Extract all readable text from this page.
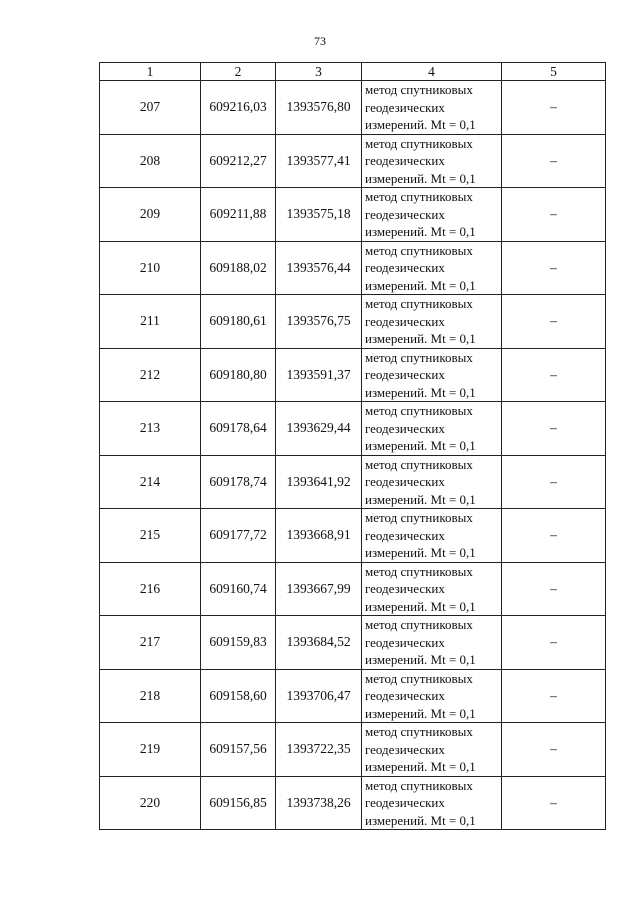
73
1	2	3	4	5
207	609216,03	1393576,80	метод спутниковых
геодезических
измерений. Mt = 0,1	–
208	609212,27	1393577,41	метод спутниковых
геодезических
измерений. Mt = 0,1	–
209	609211,88	1393575,18	метод спутниковых
геодезических
измерений. Mt = 0,1	–
210	609188,02	1393576,44	метод спутниковых
геодезических
измерений. Mt = 0,1	–
211	609180,61	1393576,75	метод спутниковых
геодезических
измерений. Mt = 0,1	–
212	609180,80	1393591,37	метод спутниковых
геодезических
измерений. Mt = 0,1	–
213	609178,64	1393629,44	метод спутниковых
геодезических
измерений. Mt = 0,1	–
214	609178,74	1393641,92	метод спутниковых
геодезических
измерений. Mt = 0,1	–
215	609177,72	1393668,91	метод спутниковых
геодезических
измерений. Mt = 0,1	–
216	609160,74	1393667,99	метод спутниковых
геодезических
измерений. Mt = 0,1	–
217	609159,83	1393684,52	метод спутниковых
геодезических
измерений. Mt = 0,1	–
218	609158,60	1393706,47	метод спутниковых
геодезических
измерений. Mt = 0,1	–
219	609157,56	1393722,35	метод спутниковых
геодезических
измерений. Mt = 0,1	–
220	609156,85	1393738,26	метод спутниковых
геодезических
измерений. Mt = 0,1	–
